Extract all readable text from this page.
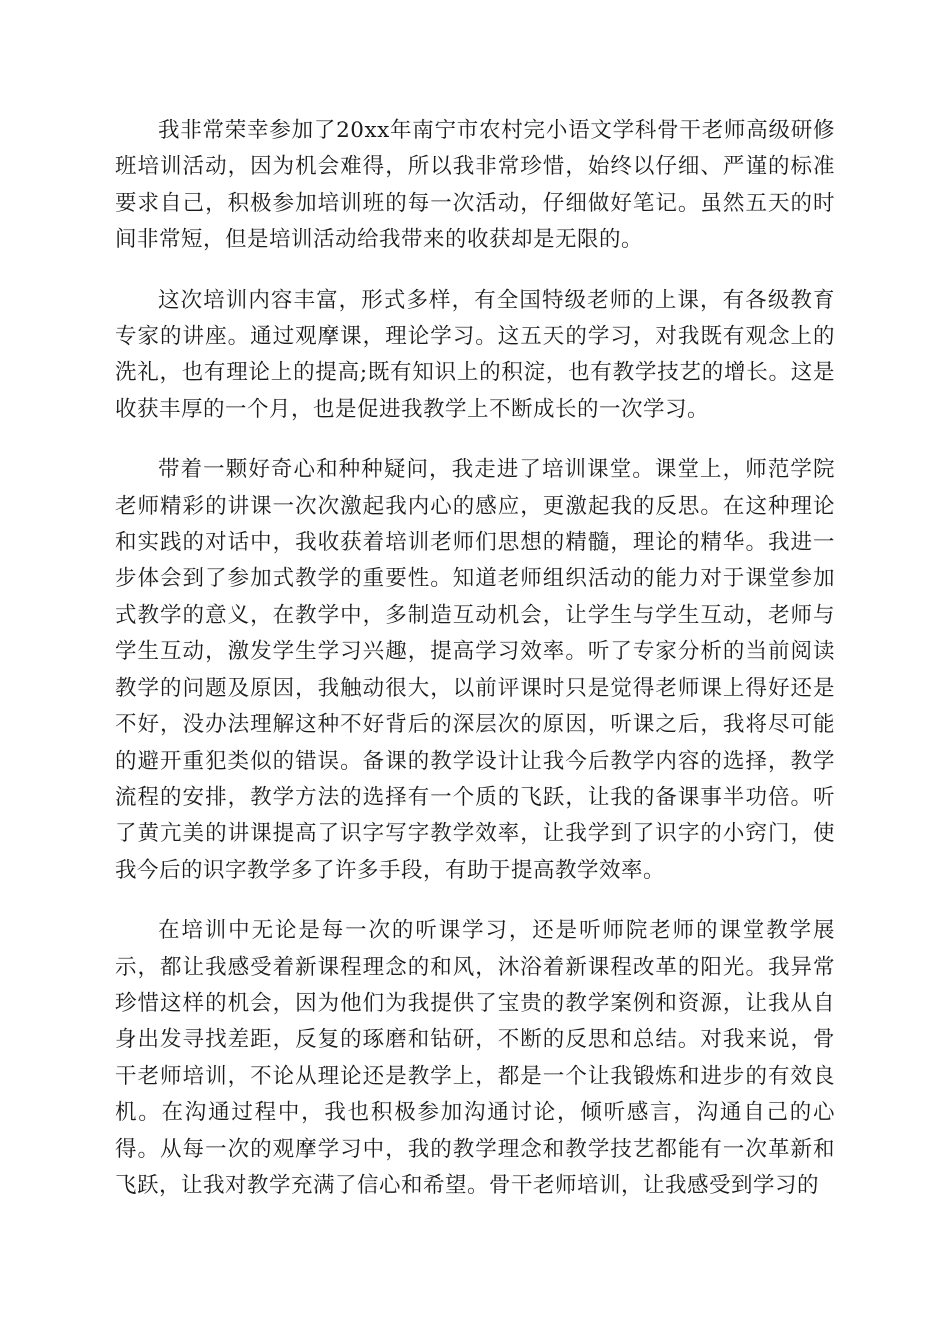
我非常荣幸参加了20xx年南宁市农村完小语文学科骨干老师高级研修班培训活动，因为机会难得，所以我非常珍惜，始终以仔细、严谨的标准要求自己，积极参加培训班的每一次活动，仔细做好笔记。虽然五天的时间非常短，但是培训活动给我带来的收获却是无限的。

这次培训内容丰富，形式多样，有全国特级老师的上课，有各级教育专家的讲座。通过观摩课，理论学习。这五天的学习，对我既有观念上的洗礼，也有理论上的提高;既有知识上的积淀，也有教学技艺的增长。这是收获丰厚的一个月，也是促进我教学上不断成长的一次学习。

带着一颗好奇心和种种疑问，我走进了培训课堂。课堂上，师范学院老师精彩的讲课一次次激起我内心的感应，更激起我的反思。在这种理论和实践的对话中，我收获着培训老师们思想的精髓，理论的精华。我进一步体会到了参加式教学的重要性。知道老师组织活动的能力对于课堂参加式教学的意义，在教学中，多制造互动机会，让学生与学生互动，老师与学生互动，激发学生学习兴趣，提高学习效率。听了专家分析的当前阅读教学的问题及原因，我触动很大，以前评课时只是觉得老师课上得好还是不好，没办法理解这种不好背后的深层次的原因，听课之后，我将尽可能的避开重犯类似的错误。备课的教学设计让我今后教学内容的选择，教学流程的安排，教学方法的选择有一个质的飞跃，让我的备课事半功倍。听了黄亢美的讲课提高了识字写字教学效率，让我学到了识字的小窍门，使我今后的识字教学多了许多手段，有助于提高教学效率。

在培训中无论是每一次的听课学习，还是听师院老师的课堂教学展示，都让我感受着新课程理念的和风，沐浴着新课程改革的阳光。我异常珍惜这样的机会，因为他们为我提供了宝贵的教学案例和资源，让我从自身出发寻找差距，反复的琢磨和钻研，不断的反思和总结。对我来说，骨干老师培训，不论从理论还是教学上，都是一个让我锻炼和进步的有效良机。在沟通过程中，我也积极参加沟通讨论，倾听感言，沟通自己的心得。从每一次的观摩学习中，我的教学理念和教学技艺都能有一次革新和飞跃，让我对教学充满了信心和希望。骨干老师培训，让我感受到学习的
